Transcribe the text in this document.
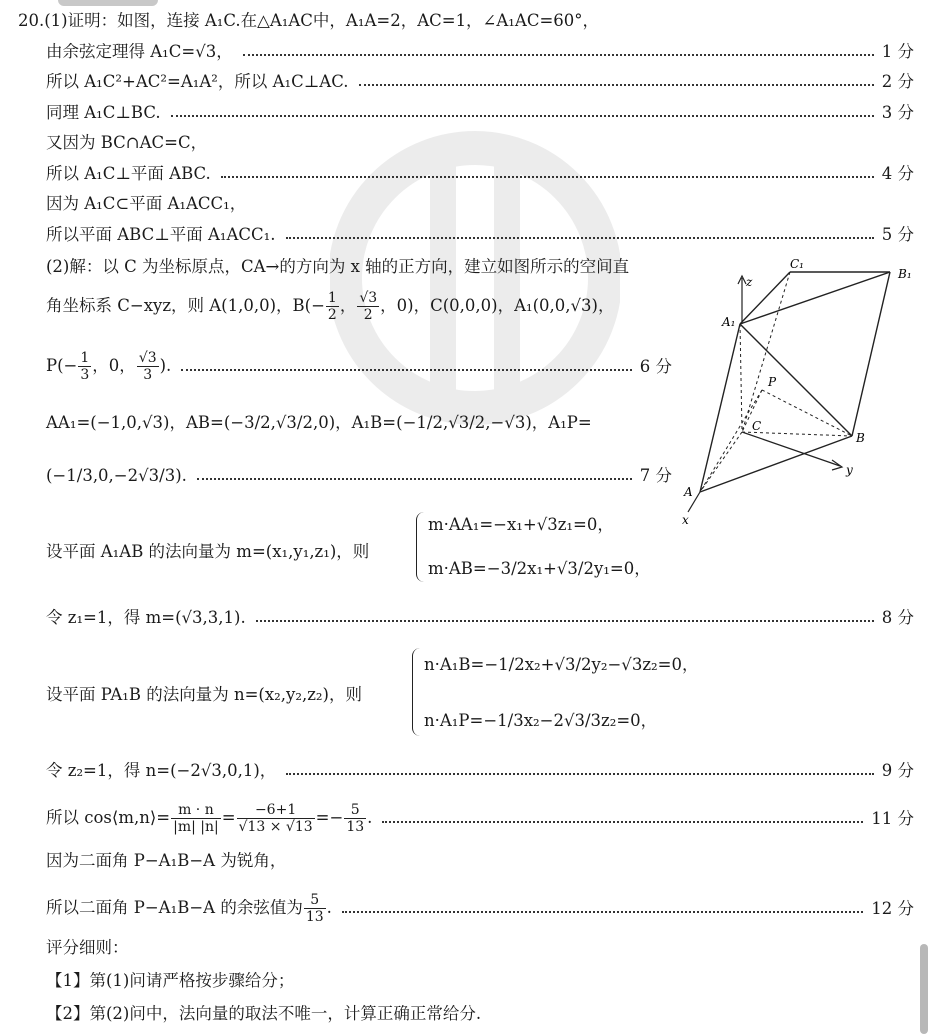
20.(1)证明：如图，连接 A₁C.在△A₁AC中，A₁A=2，AC=1，∠A₁AC=60°，
由余弦定理得 A₁C=√3，	1 分
所以 A₁C²+AC²=A₁A²，所以 A₁C⊥AC.	2 分
同理 A₁C⊥BC.	3 分
又因为 BC∩AC=C，
所以 A₁C⊥平面 ABC.	4 分
因为 A₁C⊂平面 A₁ACC₁，
所以平面 ABC⊥平面 A₁ACC₁.	5 分
(2)解：以 C 为坐标原点，CA→的方向为 x 轴的正方向，建立如图所示的空间直
角坐标系 C−xyz，则 A(1,0,0)，$B(- \frac{1}{2}$ ， $\frac{√3}{2}$ ，0)，C(0,0,0)，A₁(0,0,√3)，
$P(- \frac{1}{3}$ ，0， $\frac{√3}{3}$ ).	6 分
AA₁=(−1,0,√3)，AB=(−3/2,√3/2,0)，A₁B=(−1/2,√3/2,−√3)，A₁P=
(−1/3,0,−2√3/3).	7 分
设平面 A₁AB 的法向量为 m=(x₁,y₁,z₁)，则
m·AA₁=−x₁+√3z₁=0，
m·AB=−3/2x₁+√3/2y₁=0，
令 z₁=1，得 m=(√3,3,1).	8 分
设平面 PA₁B 的法向量为 n=(x₂,y₂,z₂)，则
n·A₁B=−1/2x₂+√3/2y₂−√3z₂=0，
n·A₁P=−1/3x₂−2√3/3z₂=0，
令 z₂=1，得 n=(−2√3,0,1)，	9 分
所以 cos⟨m,n⟩= $\frac{m \cdot n}{|m| |n|} = \frac{-6+1}{√13 \times √13} =- \frac{5}{13}$ .	11 分
因为二面角 P−A₁B−A 为锐角，
所以二面角 P−A₁B−A 的余弦值为 $\frac{5}{13}$ .	12 分
评分细则：
【1】第(1)问请严格按步骤给分；
【2】第(2)问中，法向量的取法不唯一，计算正确正常给分.
z
C₁
B₁
A₁
P
C
B
y
A
x
